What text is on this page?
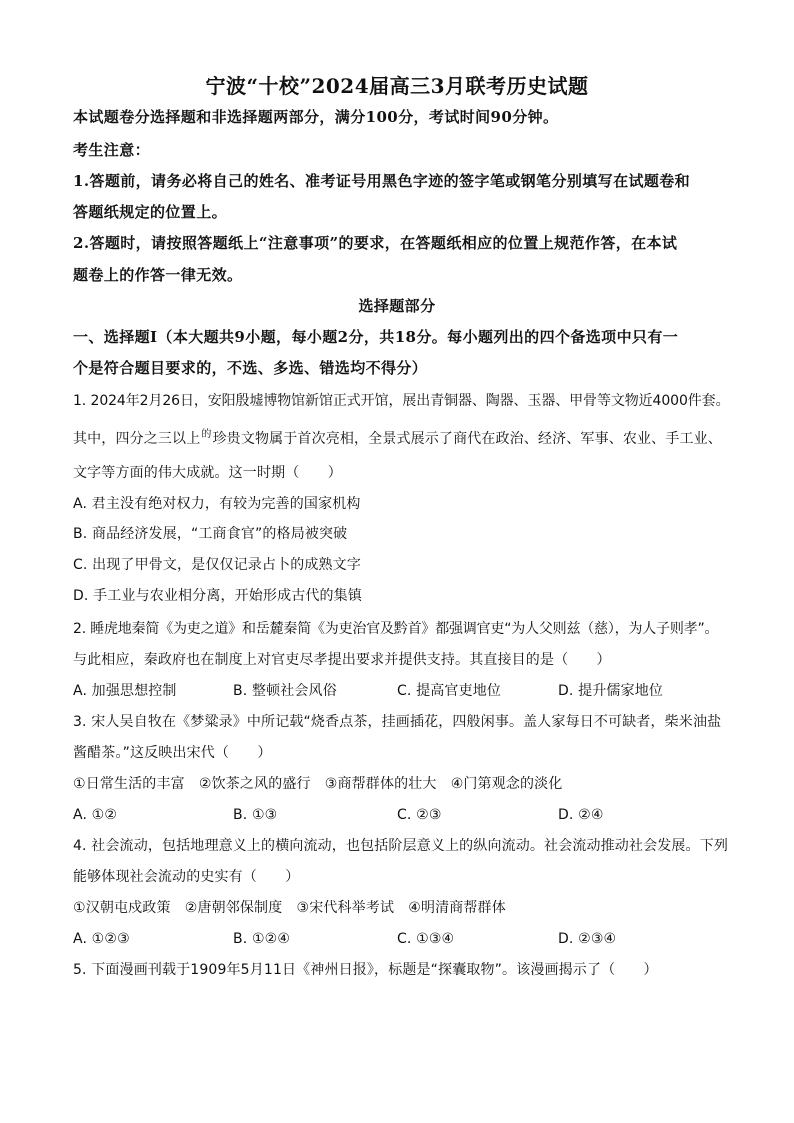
宁波“十校”2024届高三3月联考历史试题
本试题卷分选择题和非选择题两部分，满分100分，考试时间90分钟。
考生注意：
1.答题前，请务必将自己的姓名、准考证号用黑色字迹的签字笔或钢笔分别填写在试题卷和
答题纸规定的位置上。
2.答题时，请按照答题纸上“注意事项”的要求，在答题纸相应的位置上规范作答，在本试
题卷上的作答一律无效。
选择题部分
一、选择题Ⅰ（本大题共9小题，每小题2分，共18分。每小题列出的四个备选项中只有一
个是符合题目要求的，不选、多选、错选均不得分）
1. 2024年2月26日，安阳殷墟博物馆新馆正式开馆，展出青铜器、陶器、玉器、甲骨等文物近4000件套。
其中，四分之三以上$^的$珍贵文物属于首次亮相，全景式展示了商代在政治、经济、军事、农业、手工业、
文字等方面的伟大成就。这一时期（　　）
A. 君主没有绝对权力，有较为完善的国家机构
B. 商品经济发展，“工商食官”的格局被突破
C. 出现了甲骨文，是仅仅记录占卜的成熟文字
D. 手工业与农业相分离，开始形成古代的集镇
2. 睡虎地秦简《为吏之道》和岳麓秦简《为吏治官及黔首》都强调官吏“为人父则兹（慈），为人子则孝”。
与此相应，秦政府也在制度上对官吏尽孝提出要求并提供支持。其直接目的是（　　）
A. 加强思想控制	B. 整顿社会风俗	C. 提高官吏地位	D. 提升儒家地位
3. 宋人吴自牧在《梦粱录》中所记载“烧香点茶，挂画插花，四般闲事。盖人家每日不可缺者，柴米油盐
酱醋茶。”这反映出宋代（　　）
①日常生活的丰富　②饮茶之风的盛行　③商帮群体的壮大　④门第观念的淡化
A. ①②	B. ①③	C. ②③	D. ②④
4. 社会流动，包括地理意义上的横向流动，也包括阶层意义上的纵向流动。社会流动推动社会发展。下列
能够体现社会流动的史实有（　　）
①汉朝屯戍政策　②唐朝邻保制度　③宋代科举考试　④明清商帮群体
A. ①②③	B. ①②④	C. ①③④	D. ②③④
5. 下面漫画刊载于1909年5月11日《神州日报》，标题是“探囊取物”。该漫画揭示了（　　）
